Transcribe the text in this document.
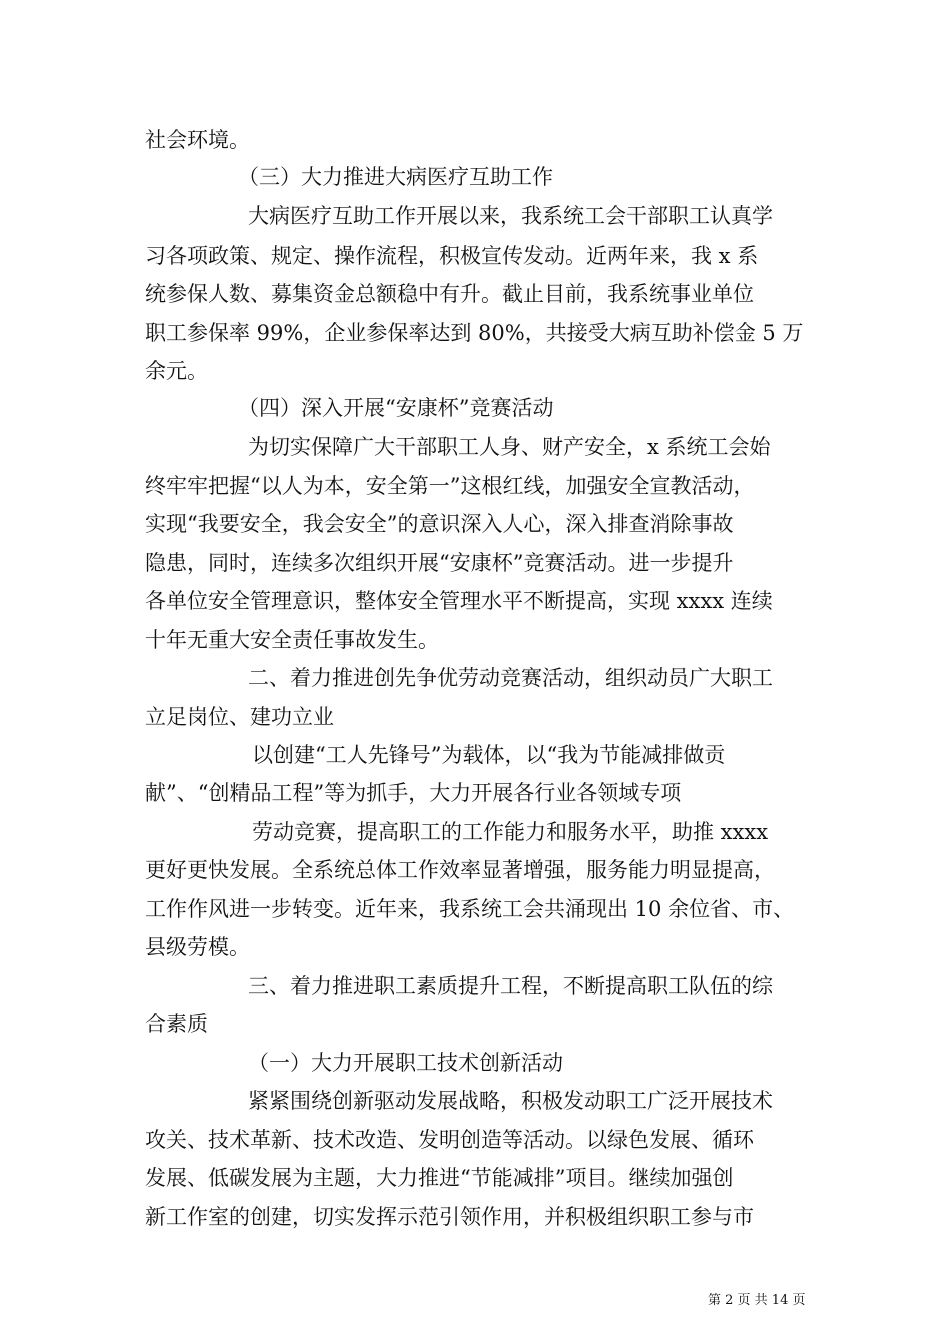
社会环境。
（三）大力推进大病医疗互助工作
大病医疗互助工作开展以来，我系统工会干部职工认真学
习各项政策、规定、操作流程，积极宣传发动。近两年来，我 x 系
统参保人数、募集资金总额稳中有升。截止目前，我系统事业单位
职工参保率 99%，企业参保率达到 80%，共接受大病互助补偿金 5 万
余元。
（四）深入开展“安康杯”竞赛活动
为切实保障广大干部职工人身、财产安全，x 系统工会始
终牢牢把握“以人为本，安全第一”这根红线，加强安全宣教活动，
实现“我要安全，我会安全”的意识深入人心，深入排查消除事故
隐患，同时，连续多次组织开展“安康杯”竞赛活动。进一步提升
各单位安全管理意识，整体安全管理水平不断提高，实现 xxxx 连续
十年无重大安全责任事故发生。
二、着力推进创先争优劳动竞赛活动，组织动员广大职工
立足岗位、建功立业
以创建“工人先锋号”为载体，以“我为节能减排做贡
献”、“创精品工程”等为抓手，大力开展各行业各领域专项
劳动竞赛，提高职工的工作能力和服务水平，助推 xxxx
更好更快发展。全系统总体工作效率显著增强，服务能力明显提高，
工作作风进一步转变。近年来，我系统工会共涌现出 10 余位省、市、
县级劳模。
三、着力推进职工素质提升工程，不断提高职工队伍的综
合素质
（一）大力开展职工技术创新活动
紧紧围绕创新驱动发展战略，积极发动职工广泛开展技术
攻关、技术革新、技术改造、发明创造等活动。以绿色发展、循环
发展、低碳发展为主题，大力推进“节能减排”项目。继续加强创
新工作室的创建，切实发挥示范引领作用，并积极组织职工参与市
第 2 页 共 14 页
